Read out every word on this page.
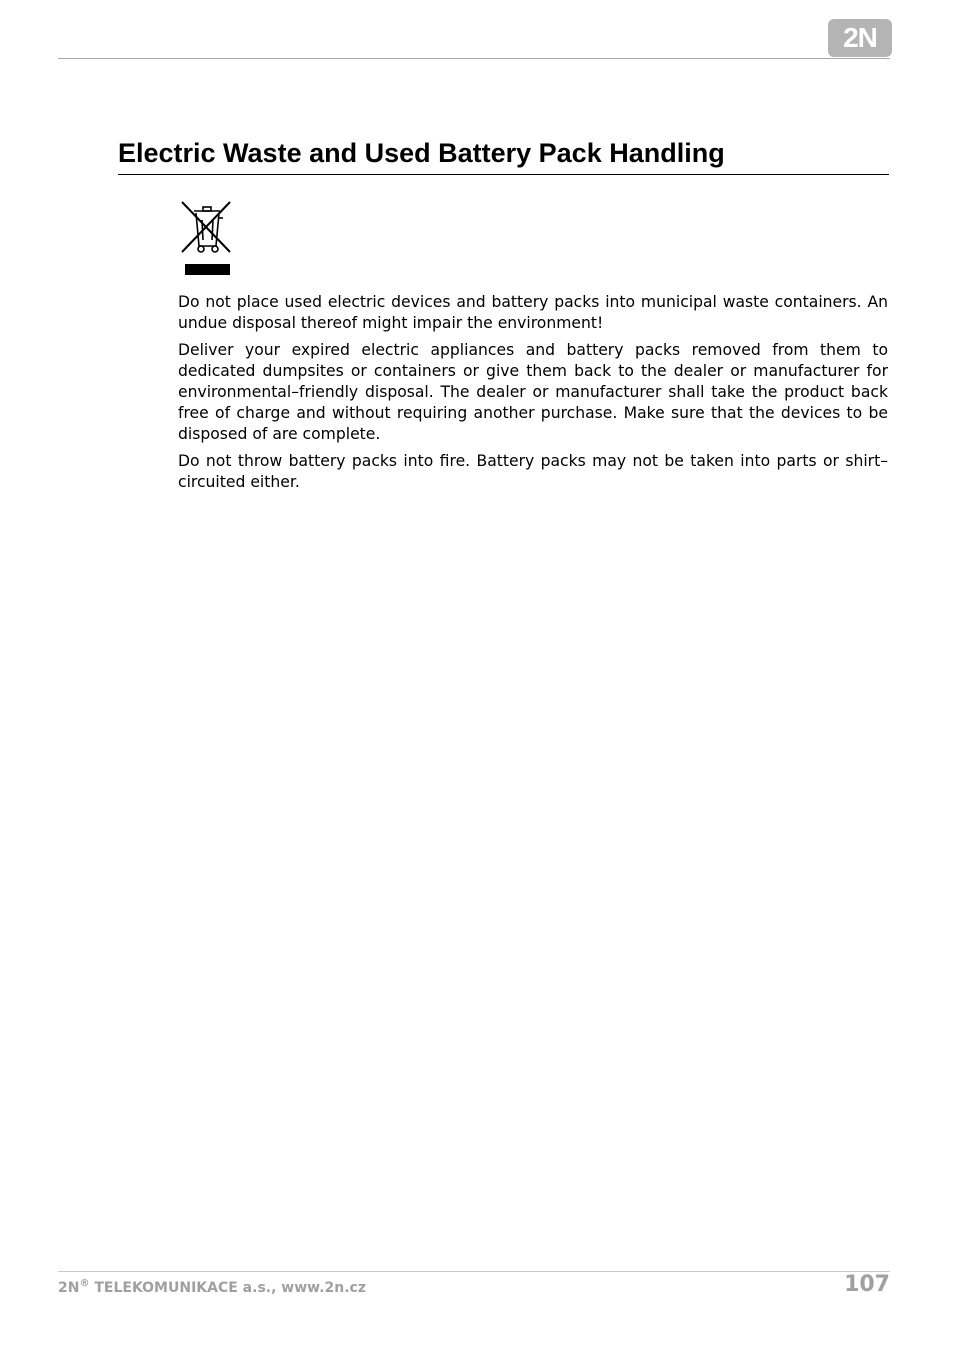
2N
Electric Waste and Used Battery Pack Handling

Do not place used electric devices and battery packs into municipal waste containers. An undue disposal thereof might impair the environment!

Deliver your expired electric appliances and battery packs removed from them to dedicated dumpsites or containers or give them back to the dealer or manufacturer for environmental–friendly disposal. The dealer or manufacturer shall take the product back free of charge and without requiring another purchase. Make sure that the devices to be disposed of are complete.

Do not throw battery packs into fire. Battery packs may not be taken into parts or shirt–circuited either.

2N® TELEKOMUNIKACE a.s., www.2n.cz	107
